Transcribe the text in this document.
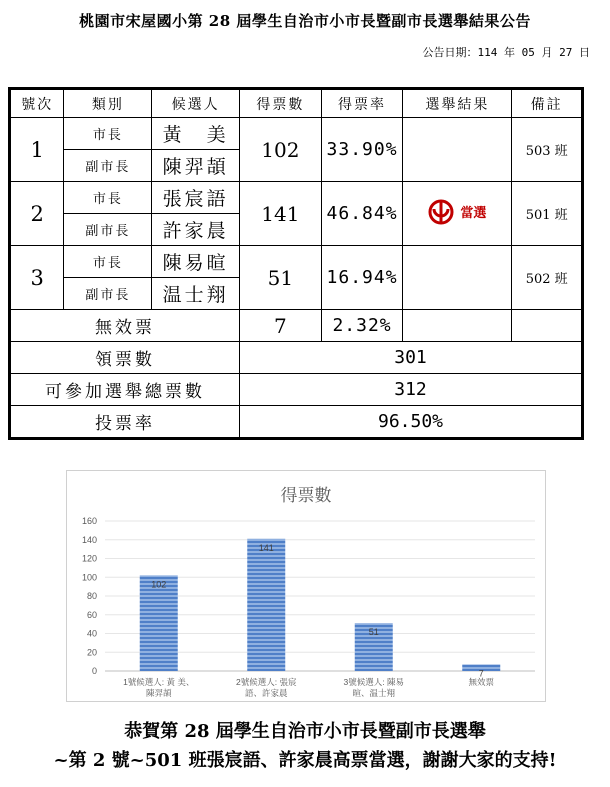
桃園市宋屋國小第 28 屆學生自治市小市長暨副市長選舉結果公告
公告日期：114 年 05 月 27 日
號次	類別	候選人	得票數	得票率	選舉結果	備註
1	市長	黃　美	102	33.90%		503 班
	副市長	陳羿頡				
2	市長	張宸語	141	46.84%	當選	501 班
	副市長	許家晨				
3	市長	陳易暄	51	16.94%		502 班
	副市長	温士翔				
無效票			7	2.32%		
領票數			301			
可參加選舉總票數			312			
投票率			96.50%			
得票數
0
20
40
60
80
100
120
140
160
102
1號候選人: 黃 美、
陳羿頡
141
2號候選人: 張宸
語、許家晨
51
3號候選人: 陳易
暄、温士翔
7
無效票
恭賀第 28 屆學生自治市小市長暨副市長選舉
~第 2 號~501 班張宸語、許家晨高票當選，謝謝大家的支持!
